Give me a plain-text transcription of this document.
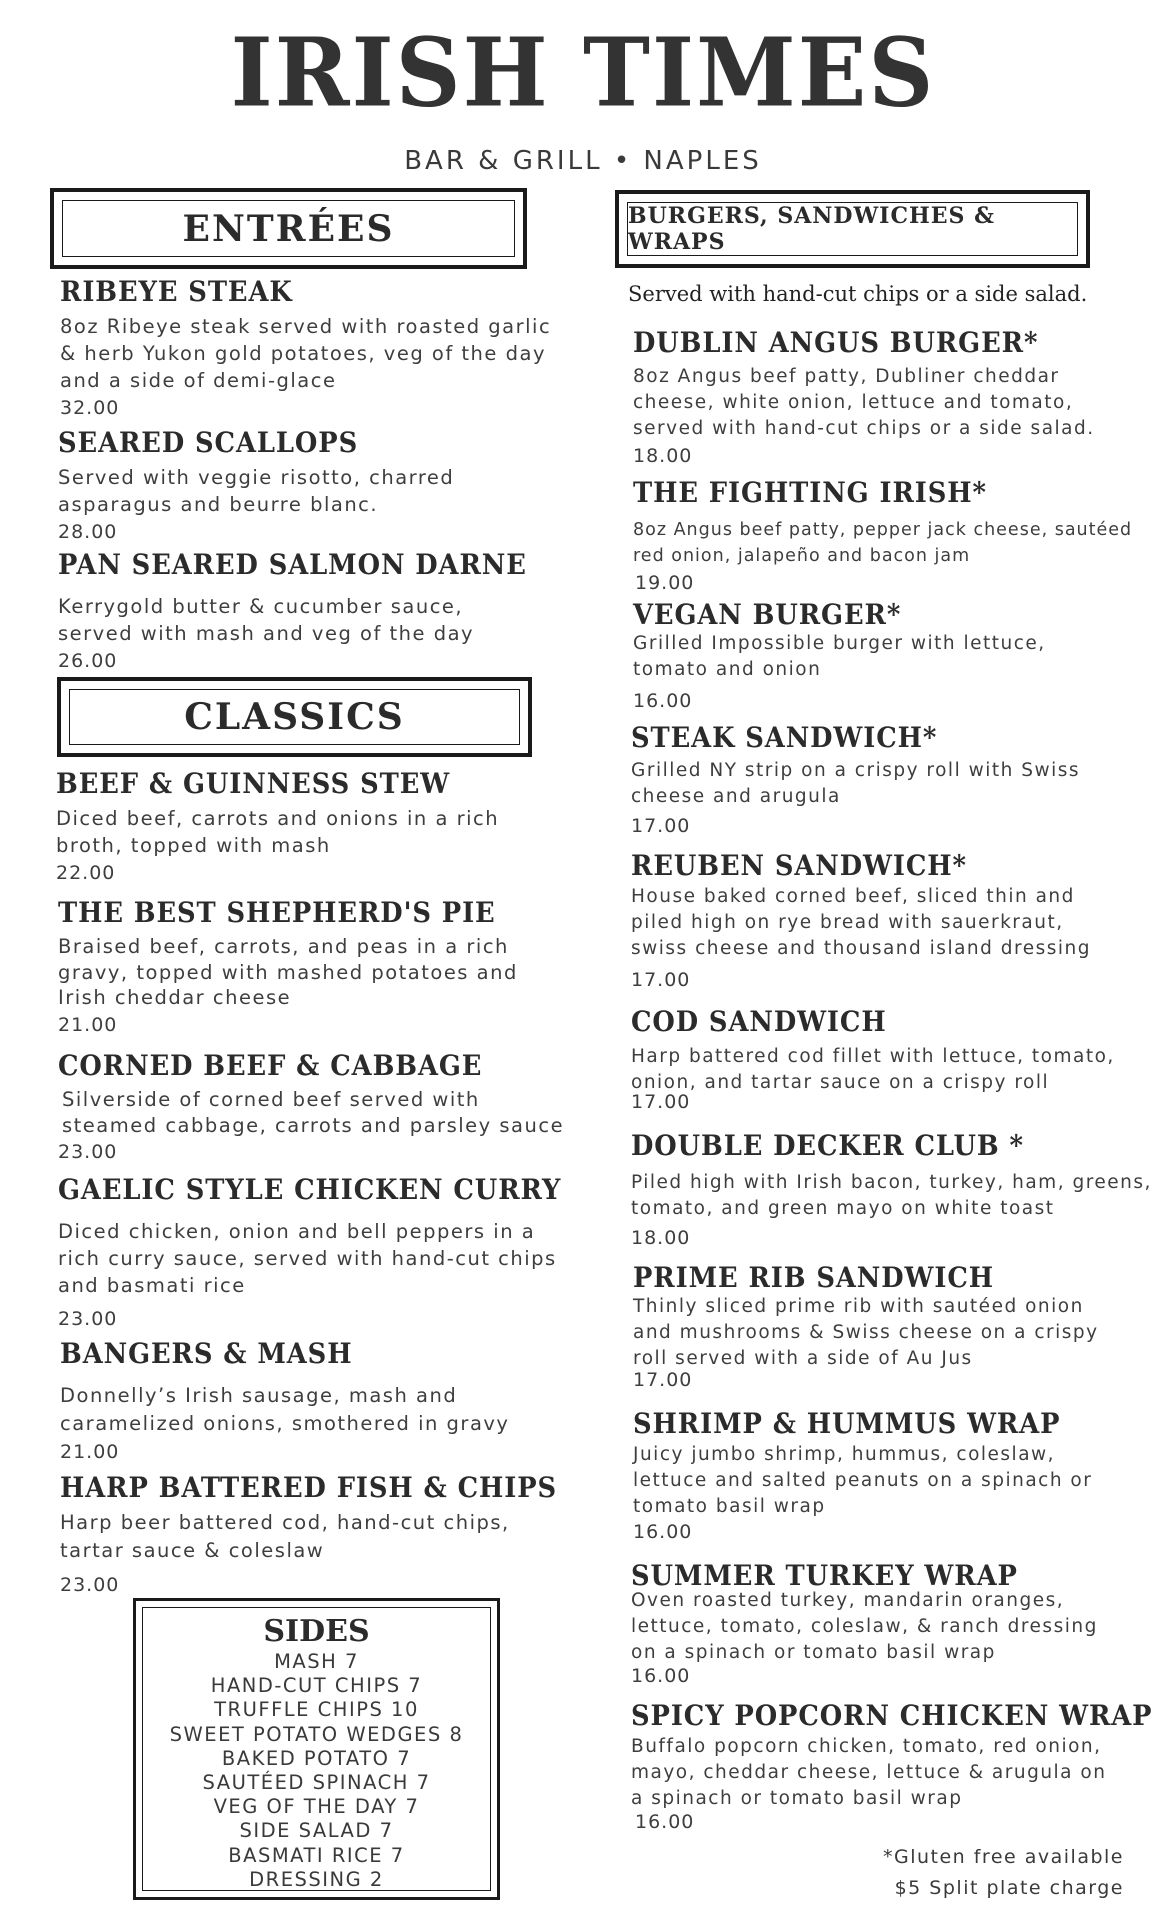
IRISH TIMES
BAR & GRILL • NAPLES
ENTRÉES
RIBEYE STEAK
8oz Ribeye steak served with roasted garlic & herb Yukon gold potatoes, veg of the day and a side of demi-glace
32.00
SEARED SCALLOPS
Served with veggie risotto, charred asparagus and beurre blanc.
28.00
PAN SEARED SALMON DARNE
Kerrygold butter & cucumber sauce, served with mash and veg of the day
26.00
CLASSICS
BEEF & GUINNESS STEW
Diced beef, carrots and onions in a rich broth, topped with mash
22.00
THE BEST SHEPHERD'S PIE
Braised beef, carrots, and peas in a rich gravy, topped with mashed potatoes and Irish cheddar cheese
21.00
CORNED BEEF & CABBAGE
Silverside of corned beef served with steamed cabbage, carrots and parsley sauce
23.00
GAELIC STYLE CHICKEN CURRY
Diced chicken, onion and bell peppers in a rich curry sauce, served with hand-cut chips and basmati rice
23.00
BANGERS & MASH
Donnelly’s Irish sausage, mash and caramelized onions, smothered in gravy
21.00
HARP BATTERED FISH & CHIPS
Harp beer battered cod, hand-cut chips, tartar sauce & coleslaw
23.00
SIDES
MASH 7
HAND-CUT CHIPS 7
TRUFFLE CHIPS 10
SWEET POTATO WEDGES 8
BAKED POTATO 7
SAUTÉED SPINACH 7
VEG OF THE DAY 7
SIDE SALAD 7
BASMATI RICE 7
DRESSING 2
BURGERS, SANDWICHES & WRAPS
Served with hand-cut chips or a side salad.
DUBLIN ANGUS BURGER*
8oz Angus beef patty, Dubliner cheddar cheese, white onion, lettuce and tomato, served with hand-cut chips or a side salad.
18.00
THE FIGHTING IRISH*
8oz Angus beef patty, pepper jack cheese, sautéed red onion, jalapeño and bacon jam
19.00
VEGAN BURGER*
Grilled Impossible burger with lettuce, tomato and onion
16.00
STEAK SANDWICH*
Grilled NY strip on a crispy roll with Swiss cheese and arugula
17.00
REUBEN SANDWICH*
House baked corned beef, sliced thin and piled high on rye bread with sauerkraut, swiss cheese and thousand island dressing
17.00
COD SANDWICH
Harp battered cod fillet with lettuce, tomato, onion, and tartar sauce on a crispy roll
17.00
DOUBLE DECKER CLUB *
Piled high with Irish bacon, turkey, ham, greens, tomato, and green mayo on white toast
18.00
PRIME RIB SANDWICH
Thinly sliced prime rib with sautéed onion and mushrooms & Swiss cheese on a crispy roll served with a side of Au Jus
17.00
SHRIMP & HUMMUS WRAP
Juicy jumbo shrimp, hummus, coleslaw, lettuce and salted peanuts on a spinach or tomato basil wrap
16.00
SUMMER TURKEY WRAP
Oven roasted turkey, mandarin oranges, lettuce, tomato, coleslaw, & ranch dressing on a spinach or tomato basil wrap
16.00
SPICY POPCORN CHICKEN WRAP
Buffalo popcorn chicken, tomato, red onion, mayo, cheddar cheese, lettuce & arugula on a spinach or tomato basil wrap
16.00
*Gluten free available
$5 Split plate charge
